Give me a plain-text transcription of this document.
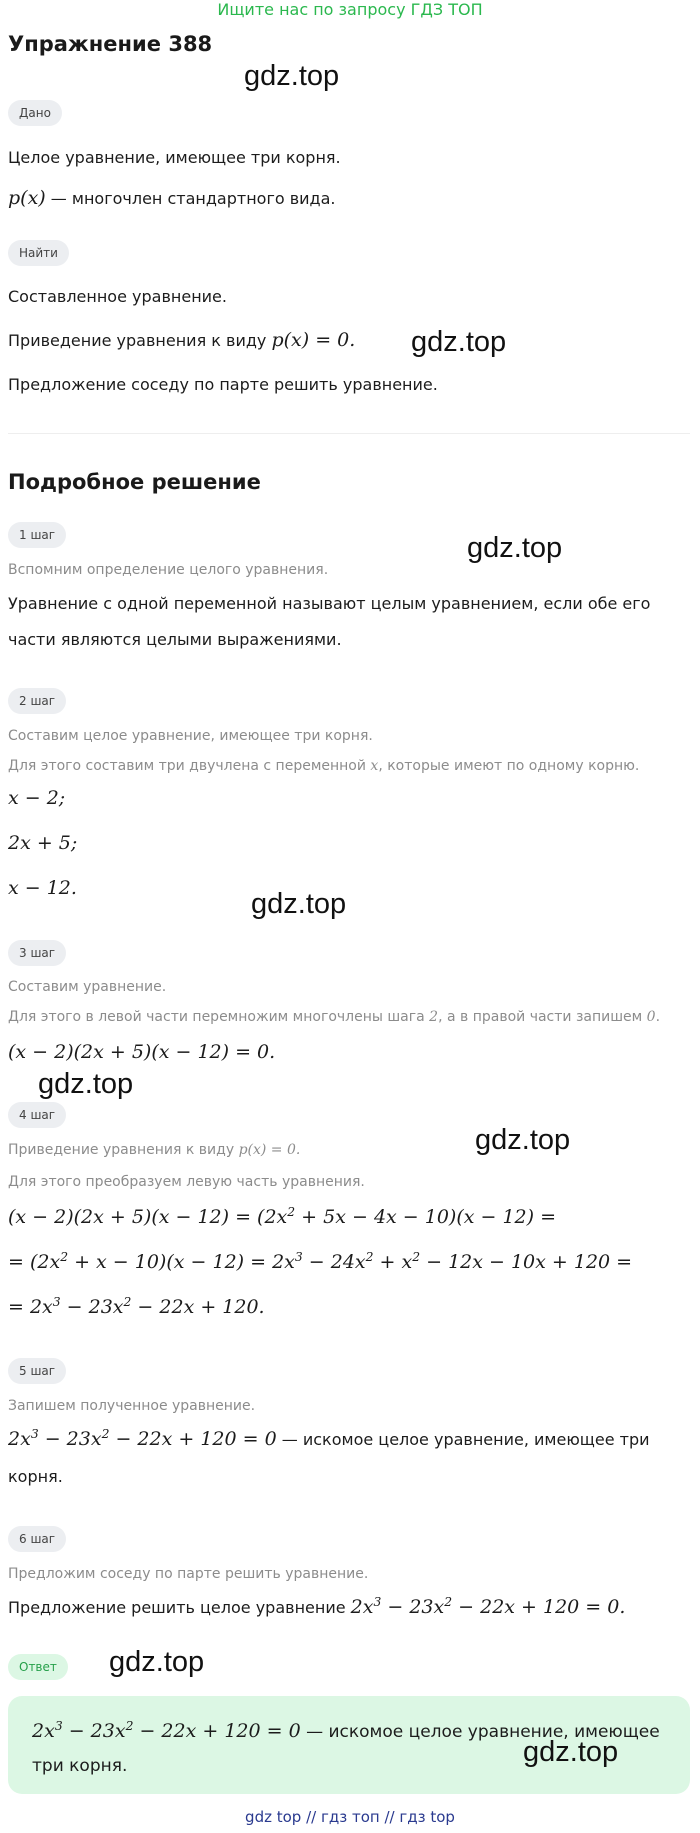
Ищите нас по запросу ГДЗ ТОП
Упражнение 388
Дано
Целое уравнение, имеющее три корня.
p(x) — многочлен стандартного вида.
Найти
Составленное уравнение.
Приведение уравнения к виду p(x) = 0.
Предложение соседу по парте решить уравнение.
Подробное решение
1 шаг
Вспомним определение целого уравнения.
Уравнение с одной переменной называют целым уравнением, если обе его
части являются целыми выражениями.
2 шаг
Составим целое уравнение, имеющее три корня.
Для этого составим три двучлена с переменной x, которые имеют по одному корню.
x − 2;
2x + 5;
x − 12.
3 шаг
Составим уравнение.
Для этого в левой части перемножим многочлены шага 2, а в правой части запишем 0.
(x − 2)(2x + 5)(x − 12) = 0.
4 шаг
Приведение уравнения к виду p(x) = 0.
Для этого преобразуем левую часть уравнения.
$(x - 2)(2x + 5)(x - 12) = (2x^2 + 5x - 4x - 10)(x - 12)$ =
= $(2x^2 + x - 10)(x - 12) = 2x^3 - 24x^2 + x^2 - 12x - 10x + 120$ =
= $2x^3 - 23x^2 - 22x + 120$.
5 шаг
Запишем полученное уравнение.
$2x^3 - 23x^2 - 22x + 120 = 0$ — искомое целое уравнение, имеющее три
корня.
6 шаг
Предложим соседу по парте решить уравнение.
Предложение решить целое уравнение $2x^3 - 23x^2 - 22x + 120 = 0$.
Ответ
$2x^3 - 23x^2 - 22x + 120 = 0$ — искомое целое уравнение, имеющее
три корня.
gdz.top
gdz.top
gdz.top
gdz.top
gdz.top
gdz.top
gdz.top
gdz.top
gdz top // гдз топ // гдз top
